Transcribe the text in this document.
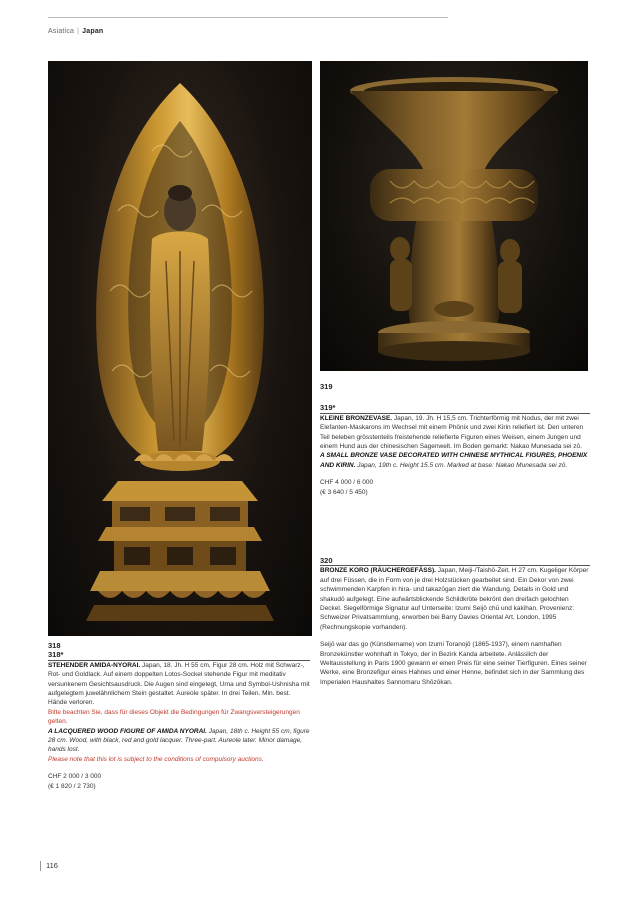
Asiatica | Japan

318

318*

STEHENDER AMIDA-NYORAI. Japan, 18. Jh. H 55 cm, Figur 28 cm. Holz mit Schwarz-, Rot- und Goldlack. Auf einem doppelten Lotos-Sockel stehende Figur mit meditativ versunkenem Gesichtsausdruck. Die Augen sind eingelegt, Urna und Symbol-Ushnisha mit aufgelegtem juwelähnlichem Stein gestaltet. Aureole später. In drei Teilen. Min. best. Hände verloren.

Bitte beachten Sie, dass für dieses Objekt die Bedingungen für Zwangsversteigerungen gelten.

A LACQUERED WOOD FIGURE OF AMIDA NYORAI. Japan, 18th c. Height 55 cm, figure 28 cm. Wood, with black, red and gold lacquer. Three-part. Aureole later. Minor damage, hands lost.

Please note that this lot is subject to the conditions of compulsory auctions.

CHF 2 000 / 3 000

(€ 1 820 / 2 730)

319

319*

KLEINE BRONZEVASE. Japan, 19. Jh. H 15,5 cm. Trichterförmig mit Nodus, der mit zwei Elefanten-Maskarons im Wechsel mit einem Phönix und zwei Kirin reliefiert ist. Den unteren Teil beleben grösstenteils freistehende reliefierte Figuren eines Weisen, einem Jungen und einem Hund aus der chinesischen Sagenwelt. Im Boden gemarkt: Nakao Munesada sei zō.

A SMALL BRONZE VASE DECORATED WITH CHINESE MYTHICAL FIGURES, PHOENIX AND KIRIN. Japan, 19th c. Height 15.5 cm. Marked at base: Nakao Munesada sei zō.

CHF 4 000 / 6 000

(€ 3 640 / 5 450)

320

BRONZE KORO (RÄUCHERGEFÄSS). Japan, Meiji-/Taishō-Zeit. H 27 cm. Kugeliger Körper auf drei Füssen, die in Form von je drei Holzstücken gearbeitet sind. Ein Dekor von zwei schwimmenden Karpfen in hira- und takazōgan ziert die Wandung. Details in Gold und shakudō aufgelegt. Eine aufwärtsblickende Schildkröte bekrönt den dreifach gelochten Deckel. Siegelförmige Signatur auf Unterseite: Izumi Seijō chū und kakihan. Provenienz: Schweizer Privatsammlung, erworben bei Barry Davies Oriental Art, London, 1995 (Rechnungskopie vorhanden).

Seijō war das go (Künstlername) von Izumi Toranojō (1865-1937), einem namhaften Bronzekünstler wohnhaft in Tokyo, der in Bezirk Kanda arbeitete. Anlässlich der Weltausstellung in Paris 1900 gewann er einen Preis für eine seiner Tierfiguren. Eines seiner Werke, eine Bronzefigur eines Hahnes und einer Henne, befindet sich in der Sammlung des Imperialen Haushaltes Sannomaru Shōzōkan.

116
